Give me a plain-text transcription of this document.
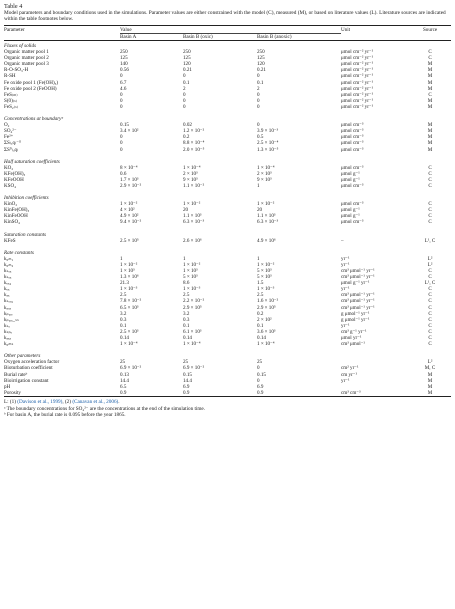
Table 4
Model parameters and boundary conditions used in the simulations. Parameter values are either constrained with the model (C), measured (M), or based on literature values (L). Literature sources are indicated within the table footnotes below.
Parameter	Value			Unit	Source
	Basin A	Basin B (oxic)	Basin B (anoxic)		
Fluxes of solids					
Organic matter pool 1	250	250	250	μmol cm⁻² yr⁻¹	C
Organic matter pool 2	125	125	125	μmol cm⁻² yr⁻¹	C
Organic matter pool 3	140	120	120	μmol cm⁻² yr⁻¹	M
R-O-SO₃-H	0.56	0.21	0.21	μmol cm⁻² yr⁻¹	M
R-SH	0	0	0	μmol cm⁻² yr⁻¹	M
Fe oxide pool 1 (Fe(OH)₃)	6.7	0.1	0.1	μmol cm⁻² yr⁻¹	M
Fe oxide pool 2 (FeOOH)	4.6	2	2	μmol cm⁻² yr⁻¹	M
FeS₍ₘ₎	0	0	0	μmol cm⁻² yr⁻¹	C
S(0)₍ₛ₎	0	0	0	μmol cm⁻² yr⁻¹	M
FeS₂₍ₛ₎	0	0	0	μmol cm⁻² yr⁻¹	M

Concentrations at boundaryᵃ					
O₂	0.15	0.02	0	μmol cm⁻³	M
SO₄²⁻	3.4 × 10²	1.2 × 10⁻²	3.9 × 10⁻³	μmol cm⁻³	M
Fe²⁺	0	0.2	0.5	μmol cm⁻³	M
ΣS₍ₐq₎⁻ᴵᴵ	0	8.8 × 10⁻⁴	2.5 × 10⁻⁴	μmol cm⁻³	M
ΣS⁰₍ₐq₎	0	2.0 × 10⁻⁵	1.3 × 10⁻⁵	μmol cm⁻³	M

Half saturation coefficients					
KO₂	8 × 10⁻⁴	1 × 10⁻⁴	1 × 10⁻⁴	μmol cm⁻³	C
KFe(OH)₃	0.6	2 × 10³	2 × 10³	μmol g⁻¹	C
KFeOOH	1.7 × 10³	9 × 10³	9 × 10³	μmol g⁻¹	C
KSO₄	2.9 × 10⁻²	1.1 × 10⁻²	1	μmol cm⁻³	C

Inhibition coefficients					
KinO₂	1 × 10⁻²	1 × 10⁻²	1 × 10⁻²	μmol cm⁻³	C
KinFe(OH)₃	4 × 10²	20	20	μmol g⁻¹	C
KinFeOOH	4.9 × 10²	1.1 × 10³	1.1 × 10³	μmol g⁻¹	C
KinSO₄	9.4 × 10⁻²	6.3 × 10⁻³	6.3 × 10⁻³	μmol cm⁻³	C

Saturation constants					
KFeS	2.5 × 10⁵	2.6 × 10⁶	4.9 × 10⁶	–	L¹, C

Rate constants					
k₀ₘ₁	1	1	1	yr⁻¹	L²
k₀ₘ₂	1 × 10⁻²	1 × 10⁻²	1 × 10⁻²	yr⁻¹	L²
kₛₒₓ	1 × 10³	1 × 10³	5 × 10³	cm³ μmol⁻¹ yr⁻¹	C
kₛₒₓ	1.3 × 10⁶	5 × 10³	5 × 10³	cm³ μmol⁻¹ yr⁻¹	C
kₒₓ₂	21.3	8.6	1.5	μmol g⁻¹ yr⁻¹	L¹, C
kₒₓ	1 × 10⁻³	1 × 10⁻³	1 × 10⁻³	yr⁻¹	C
kₓₓ	2.5	2.5	2.5	cm³ μmol⁻¹ yr⁻¹	C
kₛₒᵣ₉	7.8 × 10⁻²	2.2 × 10⁻²	1.6 × 10⁻²	cm³ μmol⁻¹ yr⁻¹	C
kₓₒₓ	6.5 × 10³	2.9 × 10⁵	2.9 × 10⁵	cm³ μmol⁻¹ yr⁻¹	C
kₚᵧᵣₑ	3.2	3.2	0.2	g μmol⁻¹ yr⁻¹	C
kₚᵧᵣₑ_ₛₛ	0.3	0.3	2 × 10²	g μmol⁻¹ yr⁻¹	C
kₛₒ	0.1	0.1	0.1	yr⁻¹	C
kₛₚₒ	2.5 × 10³	6.1 × 10³	3.6 × 10³	cm³ g⁻¹ yr⁻¹	C
kₓₓₓ	0.14	0.14	0.14	μmol yr⁻¹	C
k₀ₘₛ	1 × 10⁻⁴	1 × 10⁻⁴	1 × 10⁻⁴	cm³ μmol⁻¹	C

Other parameters					
Oxygen acceleration factor	25	25	25		L²
Bioturbation coefficient	6.9 × 10⁻²	6.9 × 10⁻²	0	cm² yr⁻¹	M, C
Burial rateᵇ	0.13	0.15	0.15	cm yr⁻¹	M
Bioirrigation constant	14.4	14.4	0	yr⁻¹	M
pH	6.5	6.9	6.9		M
Porosity	0.9	0.9	0.9	cm³ cm⁻³	M
L: (1) (Davison et al., 1999), (2) (Canavan et al., 2006).
ᵃ The boundary concentrations for SO₄²⁻ are the concentrations at the end of the simulation time.
ᵇ For basin A, the burial rate is 0.095 before the year 1865.
